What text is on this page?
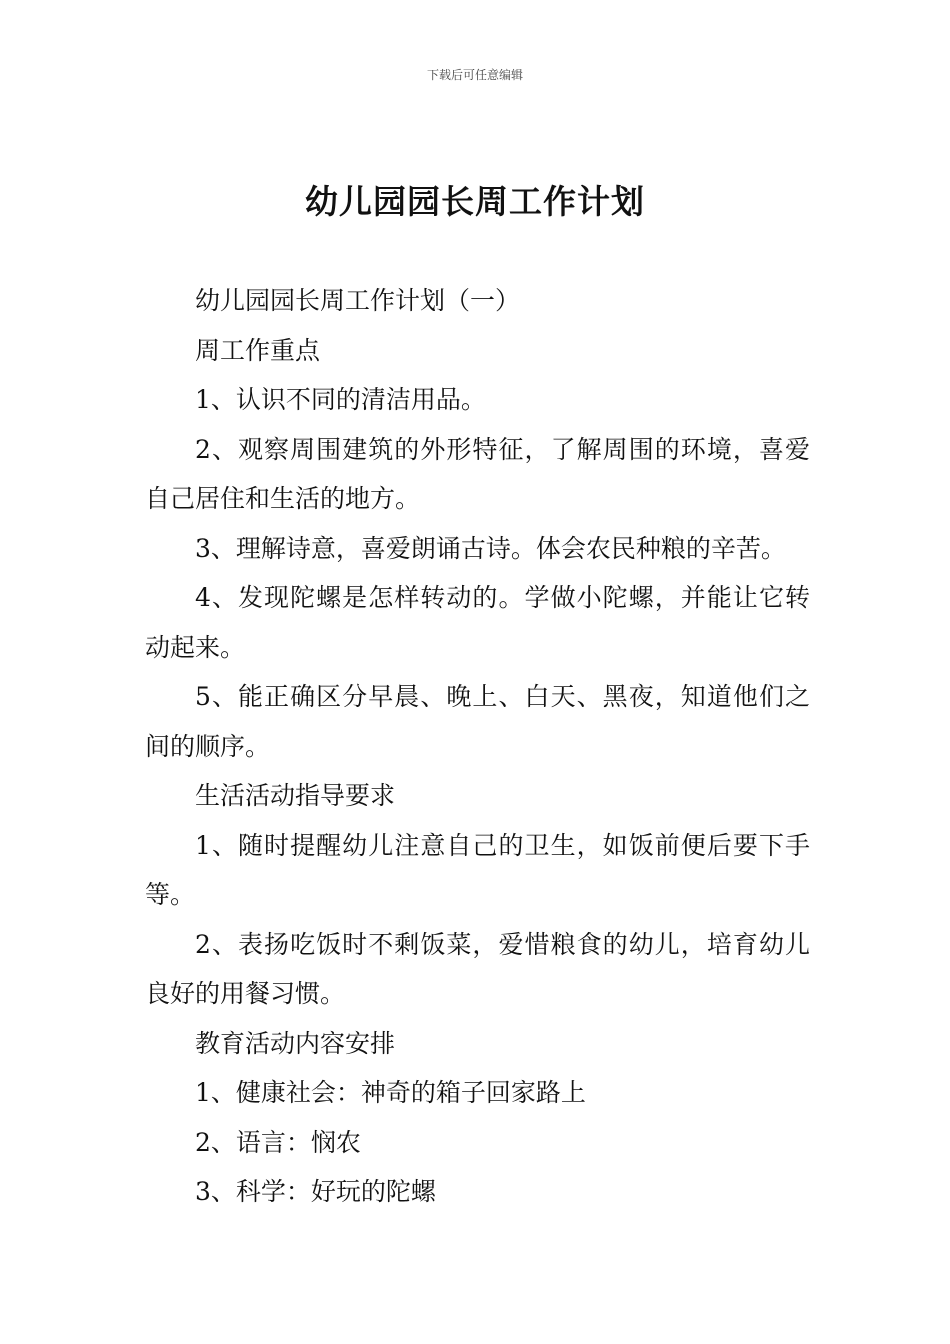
下载后可任意编辑
幼儿园园长周工作计划

幼儿园园长周工作计划（一）

周工作重点

1、认识不同的清洁用品。

2、观察周围建筑的外形特征，了解周围的环境，喜爱自己居住和生活的地方。

3、理解诗意，喜爱朗诵古诗。体会农民种粮的辛苦。

4、发现陀螺是怎样转动的。学做小陀螺，并能让它转动起来。

5、能正确区分早晨、晚上、白天、黑夜，知道他们之间的顺序。

生活活动指导要求

1、随时提醒幼儿注意自己的卫生，如饭前便后要下手等。

2、表扬吃饭时不剩饭菜，爱惜粮食的幼儿，培育幼儿良好的用餐习惯。

教育活动内容安排

1、健康社会：神奇的箱子回家路上

2、语言：悯农

3、科学：好玩的陀螺
